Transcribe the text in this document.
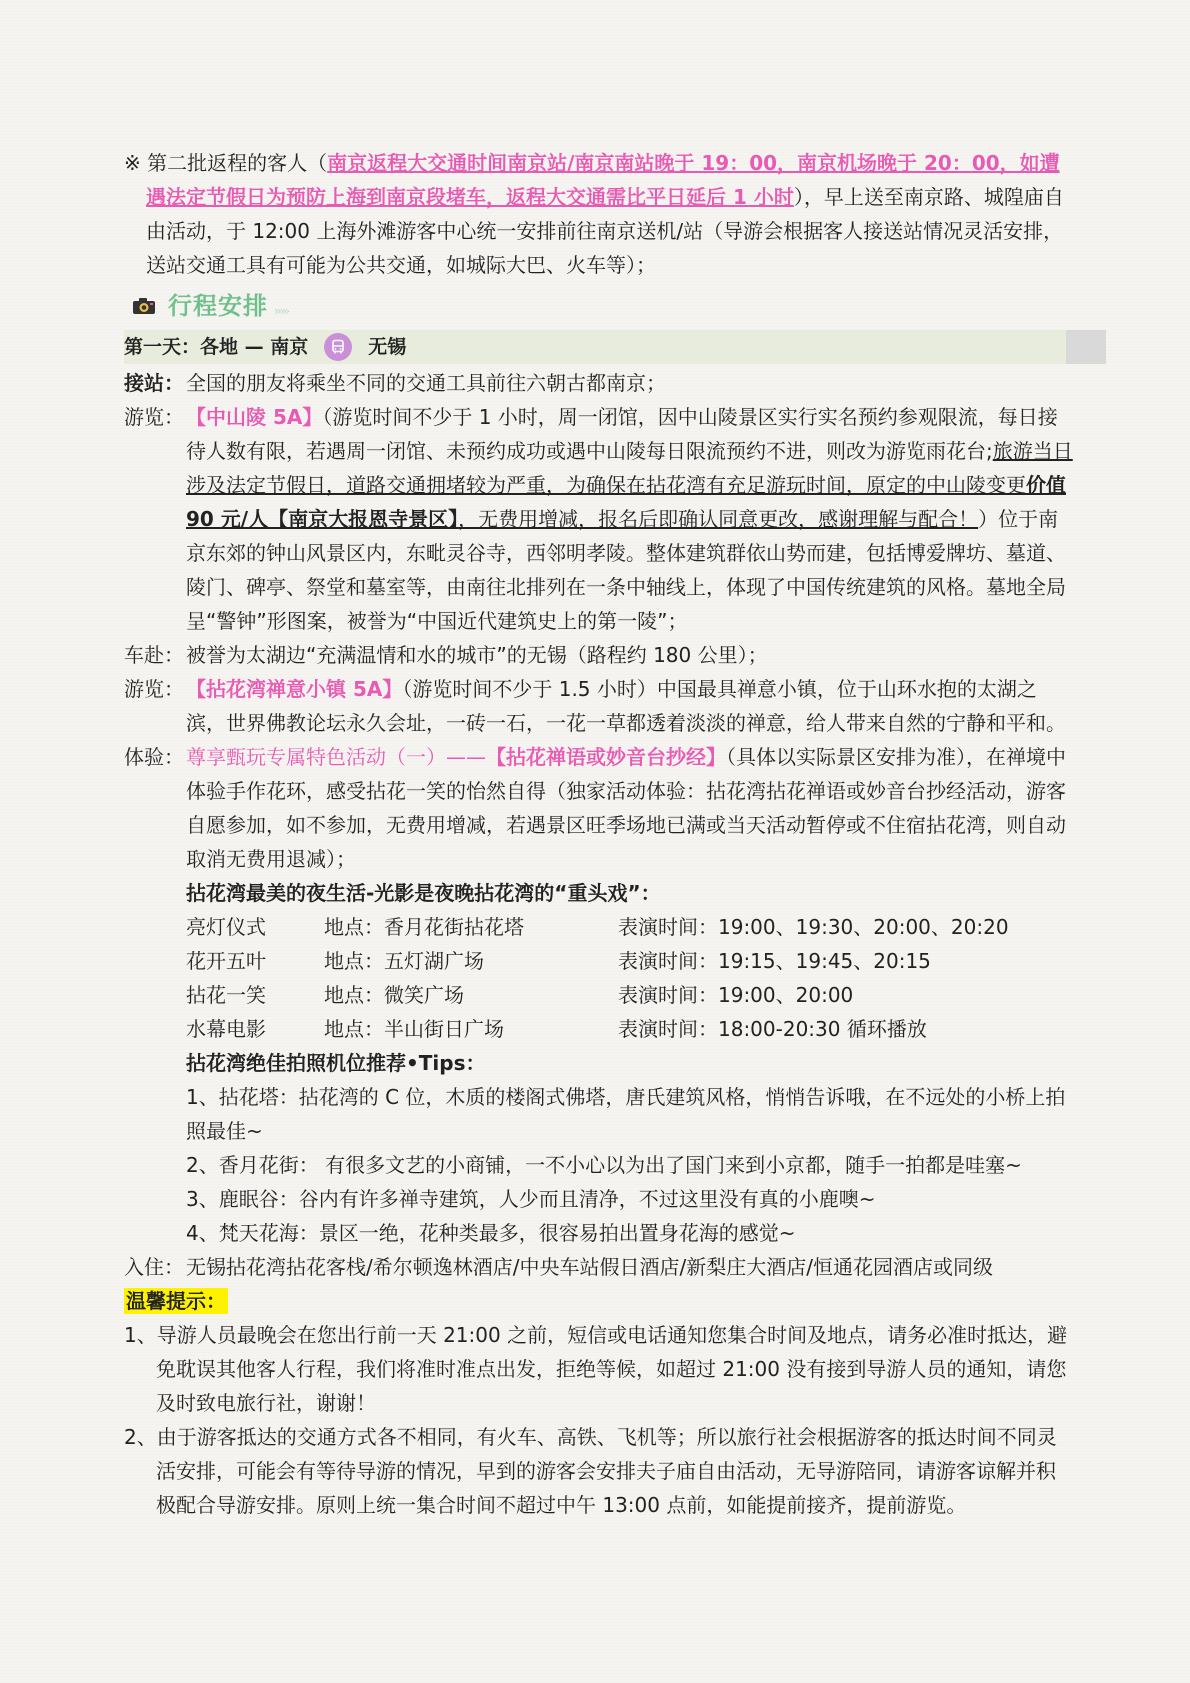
※ 第二批返程的客人（南京返程大交通时间南京站/南京南站晚于 19：00，南京机场晚于 20：00，如遭遇法定节假日为预防上海到南京段堵车，返程大交通需比平日延后 1 小时），早上送至南京路、城隍庙自由活动，于 12:00 上海外滩游客中心统一安排前往南京送机/站（导游会根据客人接送站情况灵活安排，送站交通工具有可能为公共交通，如城际大巴、火车等）；

行程安排 ›››››
第一天：各地 — 南京	无锡
接站： 全国的朋友将乘坐不同的交通工具前往六朝古都南京；
游览： 【中山陵 5A】（游览时间不少于 1 小时，周一闭馆，因中山陵景区实行实名预约参观限流，每日接待人数有限，若遇周一闭馆、未预约成功或遇中山陵每日限流预约不进，则改为游览雨花台;旅游当日涉及法定节假日，道路交通拥堵较为严重，为确保在拈花湾有充足游玩时间，原定的中山陵变更价值 90 元/人【南京大报恩寺景区】，无费用增减，报名后即确认同意更改，感谢理解与配合！）位于南京东郊的钟山风景区内，东毗灵谷寺，西邻明孝陵。整体建筑群依山势而建，包括博爱牌坊、墓道、陵门、碑亭、祭堂和墓室等，由南往北排列在一条中轴线上，体现了中国传统建筑的风格。墓地全局呈“警钟”形图案，被誉为“中国近代建筑史上的第一陵”；
车赴： 被誉为太湖边“充满温情和水的城市”的无锡（路程约 180 公里）；
游览： 【拈花湾禅意小镇 5A】（游览时间不少于 1.5 小时）中国最具禅意小镇，位于山环水抱的太湖之滨，世界佛教论坛永久会址，一砖一石，一花一草都透着淡淡的禅意，给人带来自然的宁静和平和。
体验： 尊享甄玩专属特色活动（一）——【拈花禅语或妙音台抄经】（具体以实际景区安排为准），在禅境中体验手作花环，感受拈花一笑的怡然自得（独家活动体验：拈花湾拈花禅语或妙音台抄经活动，游客自愿参加，如不参加，无费用增减，若遇景区旺季场地已满或当天活动暂停或不住宿拈花湾，则自动取消无费用退减）；

拈花湾最美的夜生活-光影是夜晚拈花湾的“重头戏”：

亮灯仪式	地点：香月花街拈花塔	表演时间：19:00、19:30、20:00、20:20
花开五叶	地点：五灯湖广场	表演时间：19:15、19:45、20:15
拈花一笑	地点：微笑广场	表演时间：19:00、20:00
水幕电影	地点：半山街日广场	表演时间：18:00-20:30 循环播放

拈花湾绝佳拍照机位推荐•Tips：

1、拈花塔：拈花湾的 C 位，木质的楼阁式佛塔，唐氏建筑风格，悄悄告诉哦，在不远处的小桥上拍照最佳~

2、香月花街： 有很多文艺的小商铺，一不小心以为出了国门来到小京都，随手一拍都是哇塞~

3、鹿眠谷：谷内有许多禅寺建筑，人少而且清净，不过这里没有真的小鹿噢~

4、梵天花海：景区一绝，花种类最多，很容易拍出置身花海的感觉~

入住： 无锡拈花湾拈花客栈/希尔顿逸林酒店/中央车站假日酒店/新梨庄大酒店/恒通花园酒店或同级

温馨提示：

1、导游人员最晚会在您出行前一天 21:00 之前，短信或电话通知您集合时间及地点，请务必准时抵达，避免耽误其他客人行程，我们将准时准点出发，拒绝等候，如超过 21:00 没有接到导游人员的通知，请您及时致电旅行社，谢谢！

2、由于游客抵达的交通方式各不相同，有火车、高铁、飞机等；所以旅行社会根据游客的抵达时间不同灵活安排，可能会有等待导游的情况，早到的游客会安排夫子庙自由活动，无导游陪同，请游客谅解并积极配合导游安排。原则上统一集合时间不超过中午 13:00 点前，如能提前接齐，提前游览。
